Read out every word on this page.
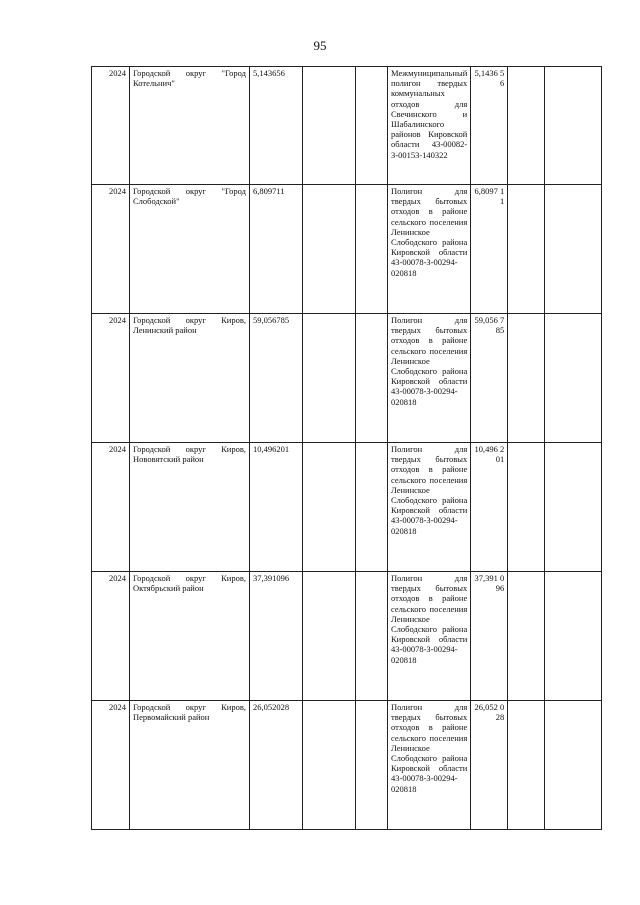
95
2024	Городской округ "Город Котельнич"	5,143656			Межмуниципальный полигон твердых коммунальных отходов для Свечинского и Шабалинского районов Кировской области 43-00082-З-00153-140322	5,1436 56		
2024	Городской округ "Город Слободской"	6,809711			Полигон для твердых бытовых отходов в районе сельского поселения Ленинское Слободского района Кировской области 43-00078-З-00294-020818	6,8097 11		
2024	Городской округ Киров, Ленинский район	59,056785			Полигон для твердых бытовых отходов в районе сельского поселения Ленинское Слободского района Кировской области 43-00078-З-00294-020818	59,056 785		
2024	Городской округ Киров, Нововятский район	10,496201			Полигон для твердых бытовых отходов в районе сельского поселения Ленинское Слободского района Кировской области 43-00078-З-00294-020818	10,496 201		
2024	Городской округ Киров, Октябрьский район	37,391096			Полигон для твердых бытовых отходов в районе сельского поселения Ленинское Слободского района Кировской области 43-00078-З-00294-020818	37,391 096		
2024	Городской округ Киров, Первомайский район	26,052028			Полигон для твердых бытовых отходов в районе сельского поселения Ленинское Слободского района Кировской области 43-00078-З-00294-020818	26,052 028		
